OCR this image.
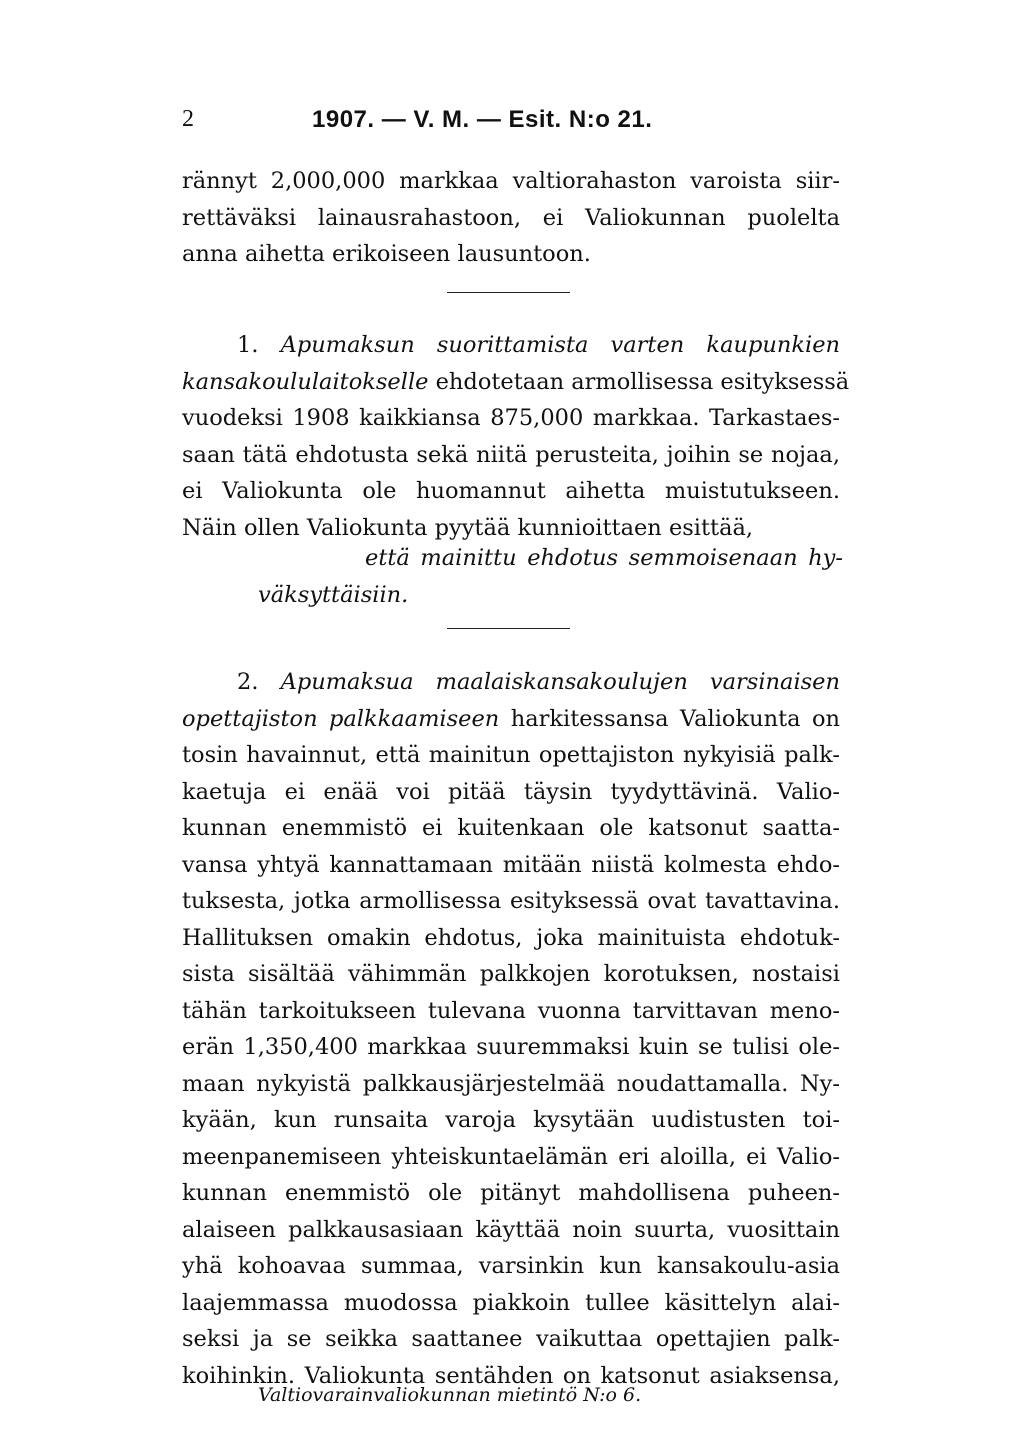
2	1907. — V. M. — Esit. N:o 21.
rännyt 2,000,000 markkaa valtiorahaston varoista siir-
rettäväksi lainausrahastoon, ei Valiokunnan puolelta
anna aihetta erikoiseen lausuntoon.
1. Apumaksun suorittamista varten kaupunkien
kansakoululaitokselle ehdotetaan armollisessa esityksessä
vuodeksi 1908 kaikkiansa 875,000 markkaa. Tarkastaes-
saan tätä ehdotusta sekä niitä perusteita, joihin se nojaa,
ei Valiokunta ole huomannut aihetta muistutukseen.
Näin ollen Valiokunta pyytää kunnioittaen esittää,
että mainittu ehdotus semmoisenaan hy-
väksyttäisiin.
2. Apumaksua maalaiskansakoulujen varsinaisen
opettajiston palkkaamiseen harkitessansa Valiokunta on
tosin havainnut, että mainitun opettajiston nykyisiä palk-
kaetuja ei enää voi pitää täysin tyydyttävinä. Valio-
kunnan enemmistö ei kuitenkaan ole katsonut saatta-
vansa yhtyä kannattamaan mitään niistä kolmesta ehdo-
tuksesta, jotka armollisessa esityksessä ovat tavattavina.
Hallituksen omakin ehdotus, joka mainituista ehdotuk-
sista sisältää vähimmän palkkojen korotuksen, nostaisi
tähän tarkoitukseen tulevana vuonna tarvittavan meno-
erän 1,350,400 markkaa suuremmaksi kuin se tulisi ole-
maan nykyistä palkkausjärjestelmää noudattamalla. Ny-
kyään, kun runsaita varoja kysytään uudistusten toi-
meenpanemiseen yhteiskuntaelämän eri aloilla, ei Valio-
kunnan enemmistö ole pitänyt mahdollisena puheen-
alaiseen palkkausasiaan käyttää noin suurta, vuosittain
yhä kohoavaa summaa, varsinkin kun kansakoulu-asia
laajemmassa muodossa piakkoin tullee käsittelyn alai-
seksi ja se seikka saattanee vaikuttaa opettajien palk-
koihinkin. Valiokunta sentähden on katsonut asiaksensa,
Valtiovarainvaliokunnan mietintö N:o 6.
